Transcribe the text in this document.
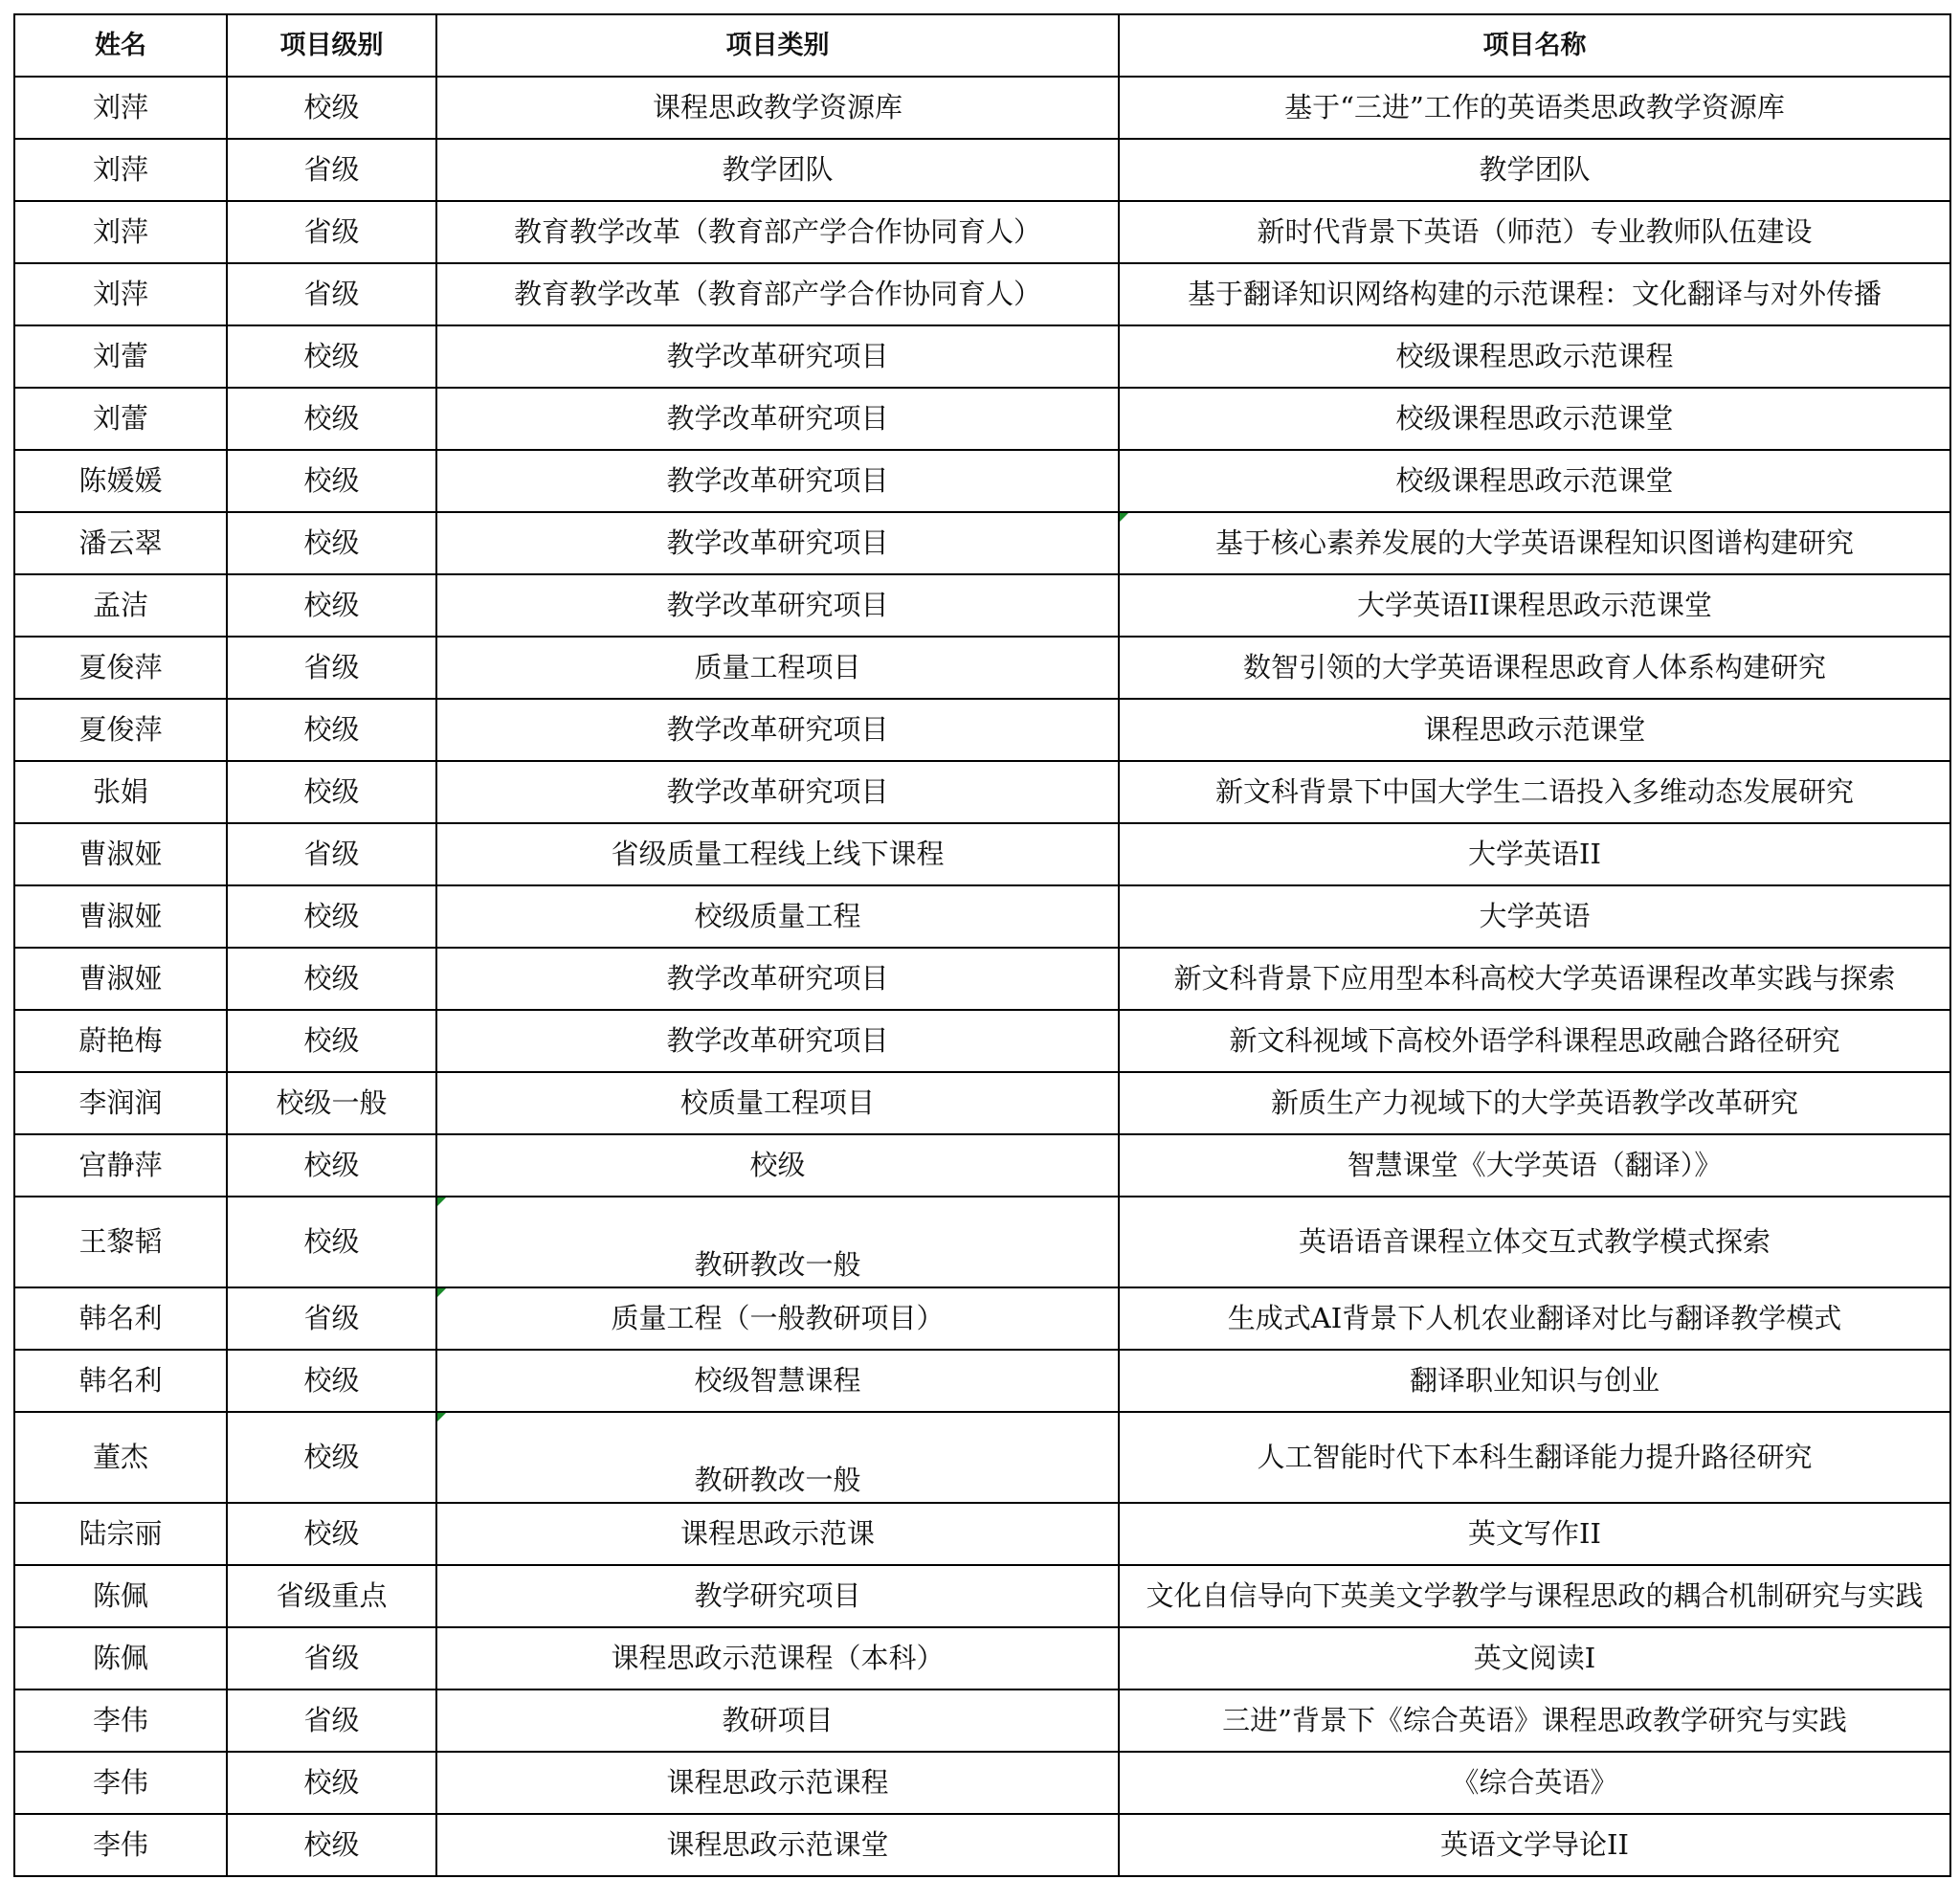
姓名	项目级别	项目类别	项目名称
刘萍	校级	课程思政教学资源库	基于“三进”工作的英语类思政教学资源库
刘萍	省级	教学团队	教学团队
刘萍	省级	教育教学改革（教育部产学合作协同育人）	新时代背景下英语（师范）专业教师队伍建设
刘萍	省级	教育教学改革（教育部产学合作协同育人）	基于翻译知识网络构建的示范课程：文化翻译与对外传播
刘蕾	校级	教学改革研究项目	校级课程思政示范课程
刘蕾	校级	教学改革研究项目	校级课程思政示范课堂
陈媛媛	校级	教学改革研究项目	校级课程思政示范课堂
潘云翠	校级	教学改革研究项目	基于核心素养发展的大学英语课程知识图谱构建研究
孟洁	校级	教学改革研究项目	大学英语II课程思政示范课堂
夏俊萍	省级	质量工程项目	数智引领的大学英语课程思政育人体系构建研究
夏俊萍	校级	教学改革研究项目	课程思政示范课堂
张娟	校级	教学改革研究项目	新文科背景下中国大学生二语投入多维动态发展研究
曹淑娅	省级	省级质量工程线上线下课程	大学英语II
曹淑娅	校级	校级质量工程	大学英语
曹淑娅	校级	教学改革研究项目	新文科背景下应用型本科高校大学英语课程改革实践与探索
蔚艳梅	校级	教学改革研究项目	新文科视域下高校外语学科课程思政融合路径研究
李润润	校级一般	校质量工程项目	新质生产力视域下的大学英语教学改革研究
宫静萍	校级	校级	智慧课堂《大学英语（翻译）》
王黎韬	校级	教研教改一般	英语语音课程立体交互式教学模式探索
韩名利	省级	质量工程（一般教研项目）	生成式AI背景下人机农业翻译对比与翻译教学模式
韩名利	校级	校级智慧课程	翻译职业知识与创业
董杰	校级	教研教改一般	人工智能时代下本科生翻译能力提升路径研究
陆宗丽	校级	课程思政示范课	英文写作II
陈佩	省级重点	教学研究项目	文化自信导向下英美文学教学与课程思政的耦合机制研究与实践
陈佩	省级	课程思政示范课程（本科）	英文阅读I
李伟	省级	教研项目	三进”背景下《综合英语》课程思政教学研究与实践
李伟	校级	课程思政示范课程	《综合英语》
李伟	校级	课程思政示范课堂	英语文学导论II
